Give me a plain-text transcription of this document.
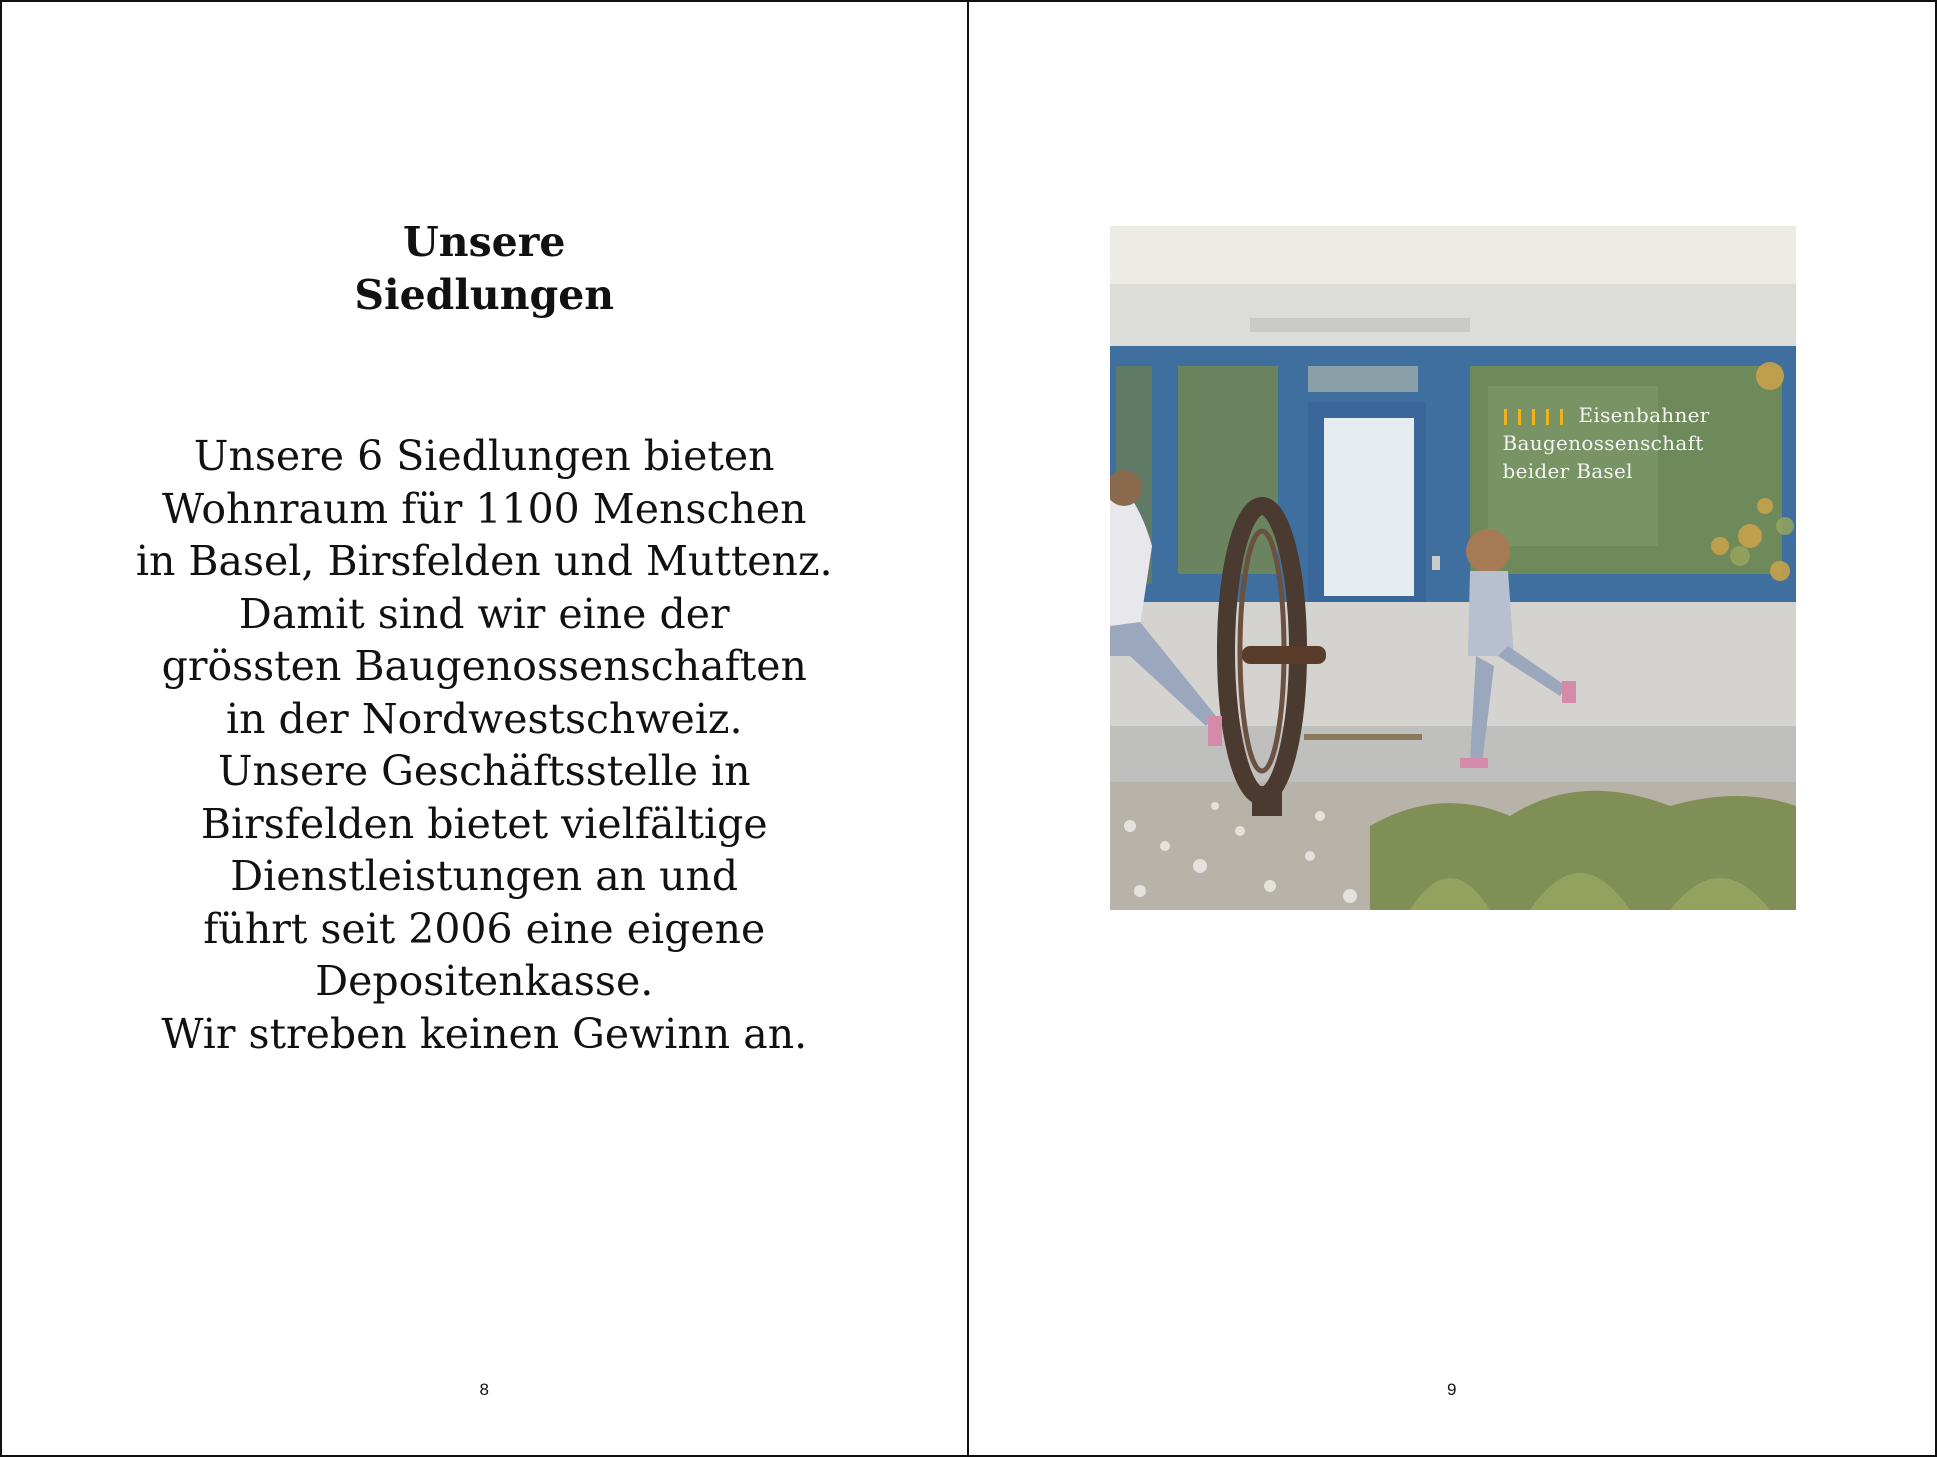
Unsere
Siedlungen
Unsere 6 Siedlungen bieten
Wohnraum für 1100 Menschen
in Basel, Birsfelden und Muttenz.
Damit sind wir eine der
grössten Baugenossenschaften
in der Nordwestschweiz.
Unsere Geschäftsstelle in
Birsfelden bietet vielfältige
Dienstleistungen an und
führt seit 2006 eine eigene
Depositenkasse.
Wir streben keinen Gewinn an.
8
Eisenbahner
Baugenossenschaft
beider Basel
9
